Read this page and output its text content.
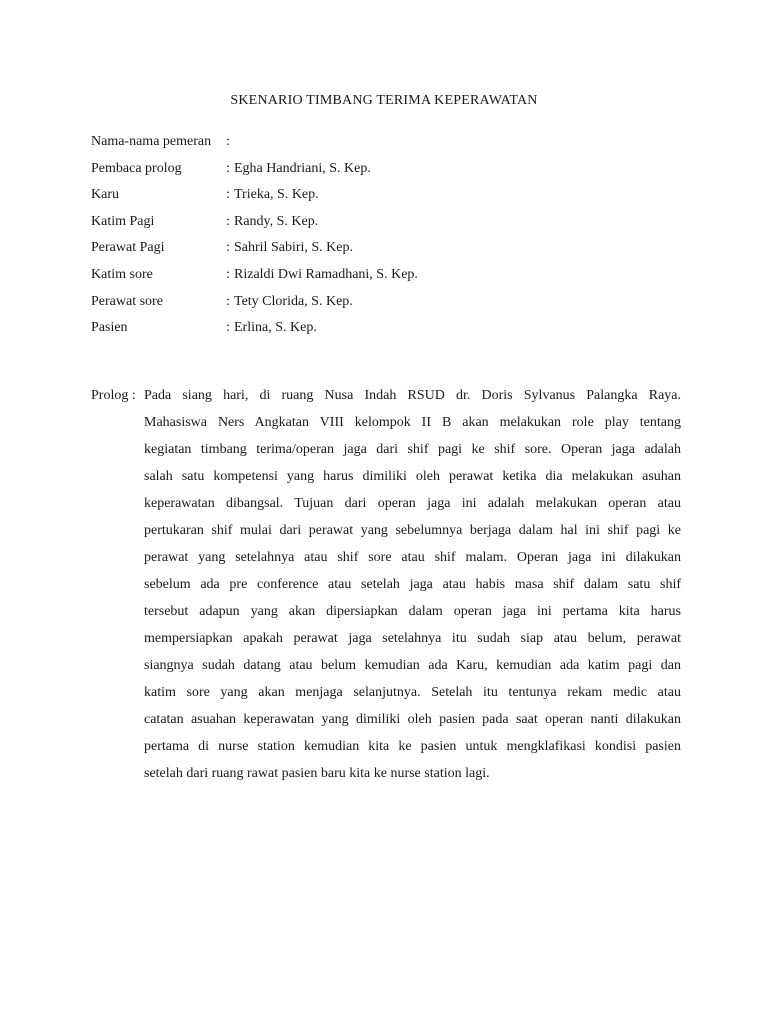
SKENARIO TIMBANG TERIMA KEPERAWATAN
Nama-nama pemeran	:
Pembaca prolog	: Egha Handriani, S. Kep.
Karu	: Trieka, S. Kep.
Katim Pagi	: Randy, S. Kep.
Perawat Pagi	: Sahril Sabiri, S. Kep.
Katim sore	: Rizaldi Dwi Ramadhani, S. Kep.
Perawat sore	: Tety Clorida, S. Kep.
Pasien	: Erlina, S. Kep.
Prolog : Pada siang hari, di ruang Nusa Indah RSUD dr. Doris Sylvanus Palangka Raya.
Mahasiswa Ners Angkatan VIII kelompok II B akan melakukan role play tentang
kegiatan timbang terima/operan jaga dari shif pagi ke shif sore. Operan jaga adalah
salah satu kompetensi yang harus dimiliki oleh perawat ketika dia melakukan asuhan
keperawatan dibangsal. Tujuan dari operan jaga ini adalah melakukan operan atau
pertukaran shif mulai dari perawat yang sebelumnya berjaga dalam hal ini shif pagi ke
perawat yang setelahnya atau shif sore atau shif malam. Operan jaga ini dilakukan
sebelum ada pre conference atau setelah jaga atau habis masa shif dalam satu shif
tersebut adapun yang akan dipersiapkan dalam operan jaga ini pertama kita harus
mempersiapkan apakah perawat jaga setelahnya itu sudah siap atau belum, perawat
siangnya sudah datang atau belum kemudian ada Karu, kemudian ada katim pagi dan
katim sore yang akan menjaga selanjutnya. Setelah itu tentunya rekam medic atau
catatan asuahan keperawatan yang dimiliki oleh pasien pada saat operan nanti dilakukan
pertama di nurse station kemudian kita ke pasien untuk mengklafikasi kondisi pasien
setelah dari ruang rawat pasien baru kita ke nurse station lagi.
